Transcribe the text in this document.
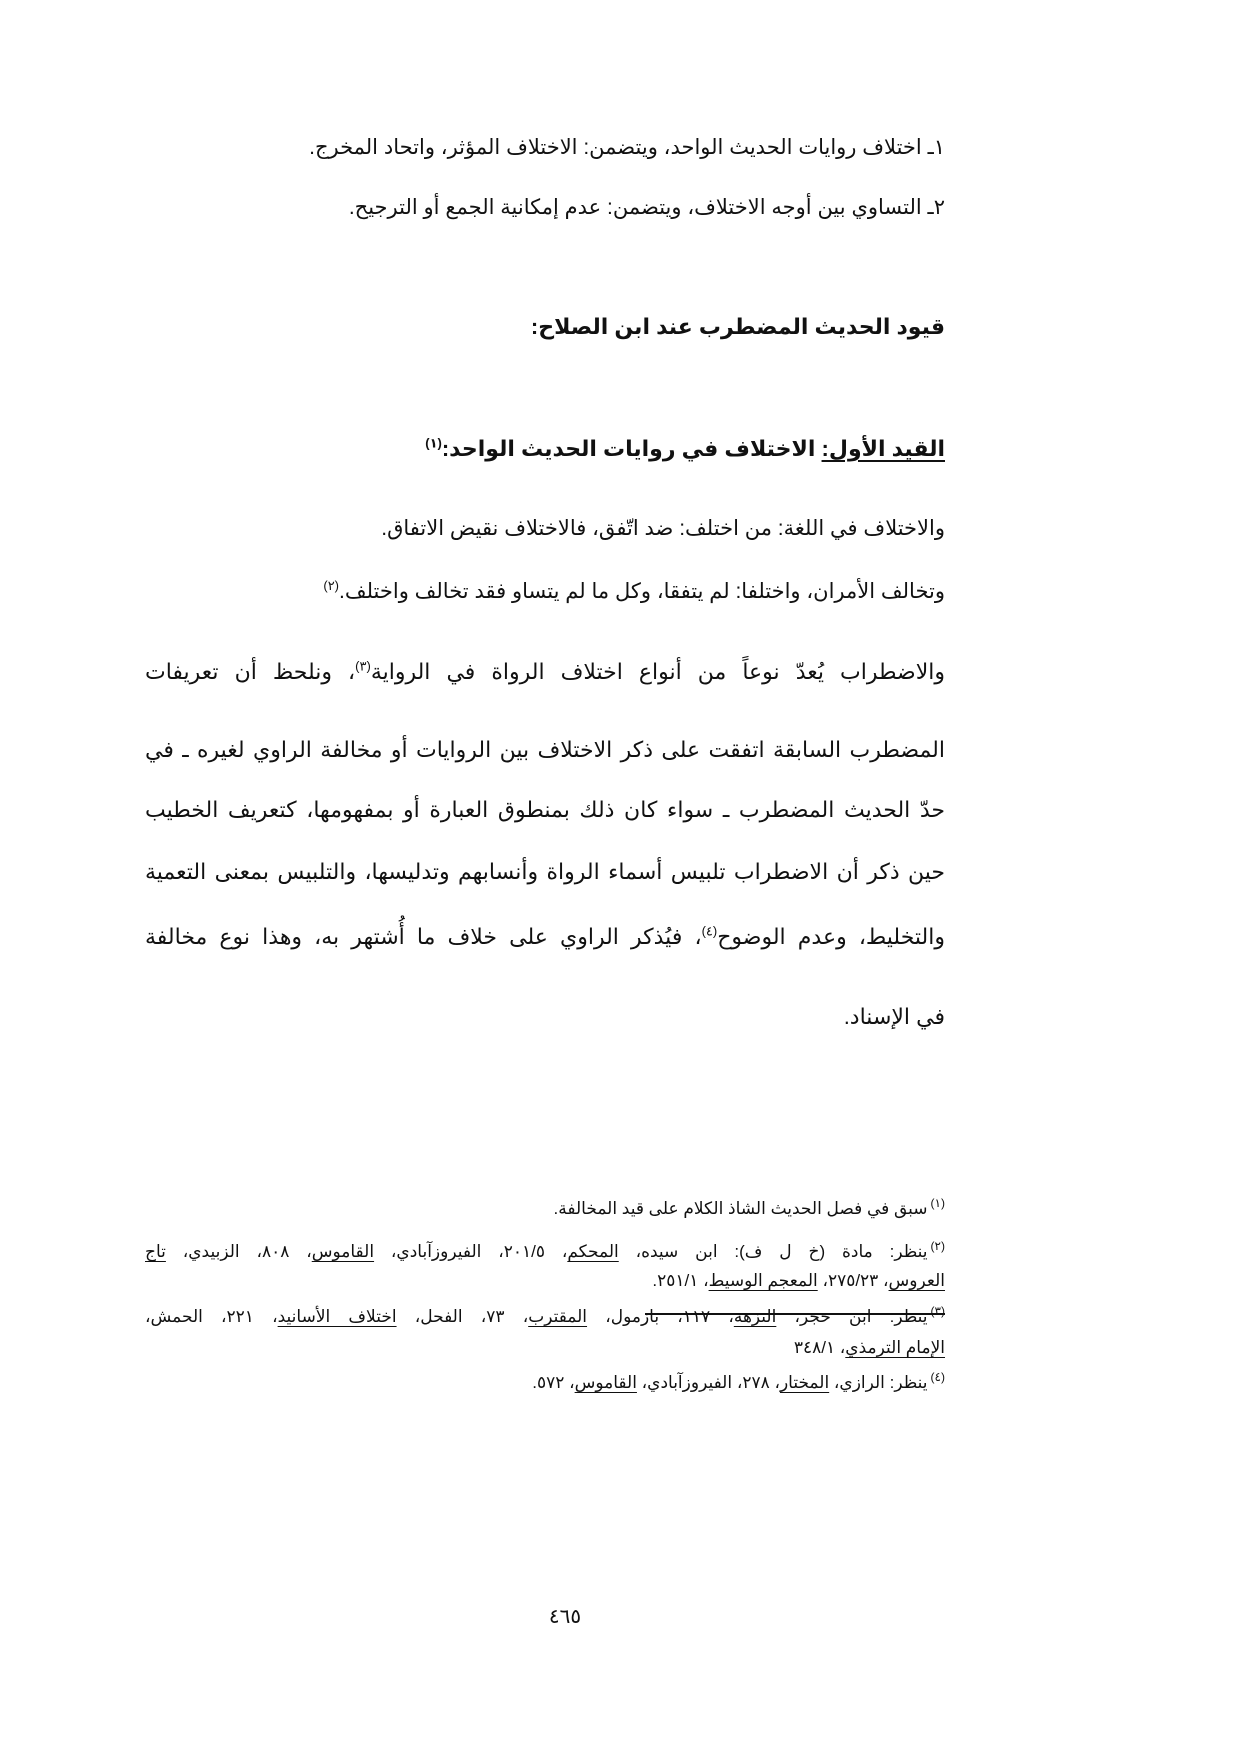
١ـ اختلاف روايات الحديث الواحد، ويتضمن: الاختلاف المؤثر، واتحاد المخرج.
٢ـ التساوي بين أوجه الاختلاف، ويتضمن: عدم إمكانية الجمع أو الترجيح.
قيود الحديث المضطرب عند ابن الصلاح:
القيد الأول: الاختلاف في روايات الحديث الواحد:$^{(١)}$
والاختلاف في اللغة: من اختلف: ضد اتّفق، فالاختلاف نقيض الاتفاق.
وتخالف الأمران، واختلفا: لم يتفقا، وكل ما لم يتساو فقد تخالف واختلف.$^{(٢)}$
والاضطراب يُعدّ نوعاً من أنواع اختلاف الرواة في الرواية$^{(٣)}$، ونلحظ أن تعريفات
المضطرب السابقة اتفقت على ذكر الاختلاف بين الروايات أو مخالفة الراوي لغيره ـ في
حدّ الحديث المضطرب ـ سواء كان ذلك بمنطوق العبارة أو بمفهومها، كتعريف الخطيب
حين ذكر أن الاضطراب تلبيس أسماء الرواة وأنسابهم وتدليسها، والتلبيس بمعنى التعمية
والتخليط، وعدم الوضوح$^{(٤)}$، فيُذكر الراوي على خلاف ما أُشتهر به، وهذا نوع مخالفة
في الإسناد.
$^{(١)}$سبق في فصل الحديث الشاذ الكلام على قيد المخالفة.
$^{(٢)}$ينظر: مادة (خ ل ف): ابن سيده، المحكم، ٢٠١/٥، الفيروزآبادي، القاموس، ٨٠٨، الزبيدي، تاج
العروس، ٢٧٥/٢٣، المعجم الوسيط، ٢٥١/١.
$^{(٣)}$ينظر: ابن حجر، النزهة، ١١٧، بازمول، المقترب، ٧٣، الفحل، اختلاف الأسانيد، ٢٢١، الحمش،
الإمام الترمذي، ٣٤٨/١
$^{(٤)}$ينظر: الرازي، المختار، ٢٧٨، الفيروزآبادي، القاموس، ٥٧٢.
٤٦٥
